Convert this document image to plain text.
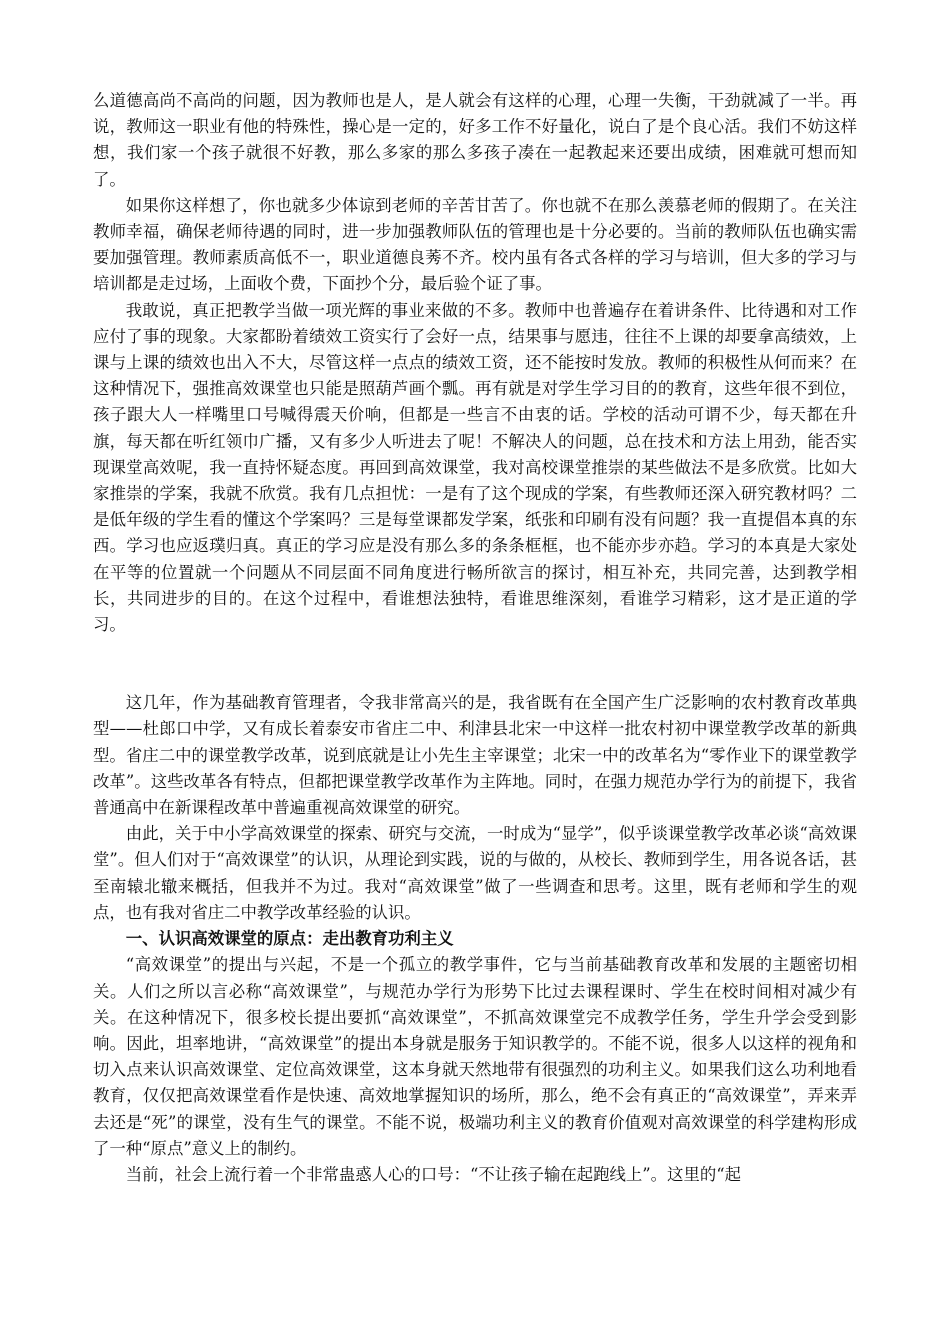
么道德高尚不高尚的问题，因为教师也是人，是人就会有这样的心理，心理一失衡，干劲就减了一半。再说，教师这一职业有他的特殊性，操心是一定的，好多工作不好量化，说白了是个良心活。我们不妨这样想，我们家一个孩子就很不好教，那么多家的那么多孩子凑在一起教起来还要出成绩，困难就可想而知了。

如果你这样想了，你也就多少体谅到老师的辛苦甘苦了。你也就不在那么羡慕老师的假期了。在关注教师幸福，确保老师待遇的同时，进一步加强教师队伍的管理也是十分必要的。当前的教师队伍也确实需要加强管理。教师素质高低不一，职业道德良莠不齐。校内虽有各式各样的学习与培训，但大多的学习与培训都是走过场，上面收个费，下面抄个分，最后验个证了事。

我敢说，真正把教学当做一项光辉的事业来做的不多。教师中也普遍存在着讲条件、比待遇和对工作应付了事的现象。大家都盼着绩效工资实行了会好一点，结果事与愿违，往往不上课的却要拿高绩效，上课与上课的绩效也出入不大，尽管这样一点点的绩效工资，还不能按时发放。教师的积极性从何而来？在这种情况下，强推高效课堂也只能是照葫芦画个瓢。再有就是对学生学习目的的教育，这些年很不到位，孩子跟大人一样嘴里口号喊得震天价响，但都是一些言不由衷的话。学校的活动可谓不少，每天都在升旗，每天都在听红领巾广播，又有多少人听进去了呢！不解决人的问题，总在技术和方法上用劲，能否实现课堂高效呢，我一直持怀疑态度。再回到高效课堂，我对高校课堂推崇的某些做法不是多欣赏。比如大家推崇的学案，我就不欣赏。我有几点担忧：一是有了这个现成的学案，有些教师还深入研究教材吗？二是低年级的学生看的懂这个学案吗？三是每堂课都发学案，纸张和印刷有没有问题？我一直提倡本真的东西。学习也应返璞归真。真正的学习应是没有那么多的条条框框，也不能亦步亦趋。学习的本真是大家处在平等的位置就一个问题从不同层面不同角度进行畅所欲言的探讨，相互补充，共同完善，达到教学相长，共同进步的目的。在这个过程中，看谁想法独特，看谁思维深刻，看谁学习精彩，这才是正道的学习。

这几年，作为基础教育管理者，令我非常高兴的是，我省既有在全国产生广泛影响的农村教育改革典型——杜郎口中学，又有成长着泰安市省庄二中、利津县北宋一中这样一批农村初中课堂教学改革的新典型。省庄二中的课堂教学改革，说到底就是让小先生主宰课堂；北宋一中的改革名为“零作业下的课堂教学改革”。这些改革各有特点，但都把课堂教学改革作为主阵地。同时，在强力规范办学行为的前提下，我省普通高中在新课程改革中普遍重视高效课堂的研究。

由此，关于中小学高效课堂的探索、研究与交流，一时成为“显学”，似乎谈课堂教学改革必谈“高效课堂”。但人们对于“高效课堂”的认识，从理论到实践，说的与做的，从校长、教师到学生，用各说各话，甚至南辕北辙来概括，但我并不为过。我对“高效课堂”做了一些调查和思考。这里，既有老师和学生的观点，也有我对省庄二中教学改革经验的认识。

一、认识高效课堂的原点：走出教育功利主义

“高效课堂”的提出与兴起，不是一个孤立的教学事件，它与当前基础教育改革和发展的主题密切相关。人们之所以言必称“高效课堂”，与规范办学行为形势下比过去课程课时、学生在校时间相对减少有关。在这种情况下，很多校长提出要抓“高效课堂”，不抓高效课堂完不成教学任务，学生升学会受到影响。因此，坦率地讲，“高效课堂”的提出本身就是服务于知识教学的。不能不说，很多人以这样的视角和切入点来认识高效课堂、定位高效课堂，这本身就天然地带有很强烈的功利主义。如果我们这么功利地看教育，仅仅把高效课堂看作是快速、高效地掌握知识的场所，那么，绝不会有真正的“高效课堂”，弄来弄去还是“死”的课堂，没有生气的课堂。不能不说，极端功利主义的教育价值观对高效课堂的科学建构形成了一种“原点”意义上的制约。

当前，社会上流行着一个非常蛊惑人心的口号：“不让孩子输在起跑线上”。这里的“起
